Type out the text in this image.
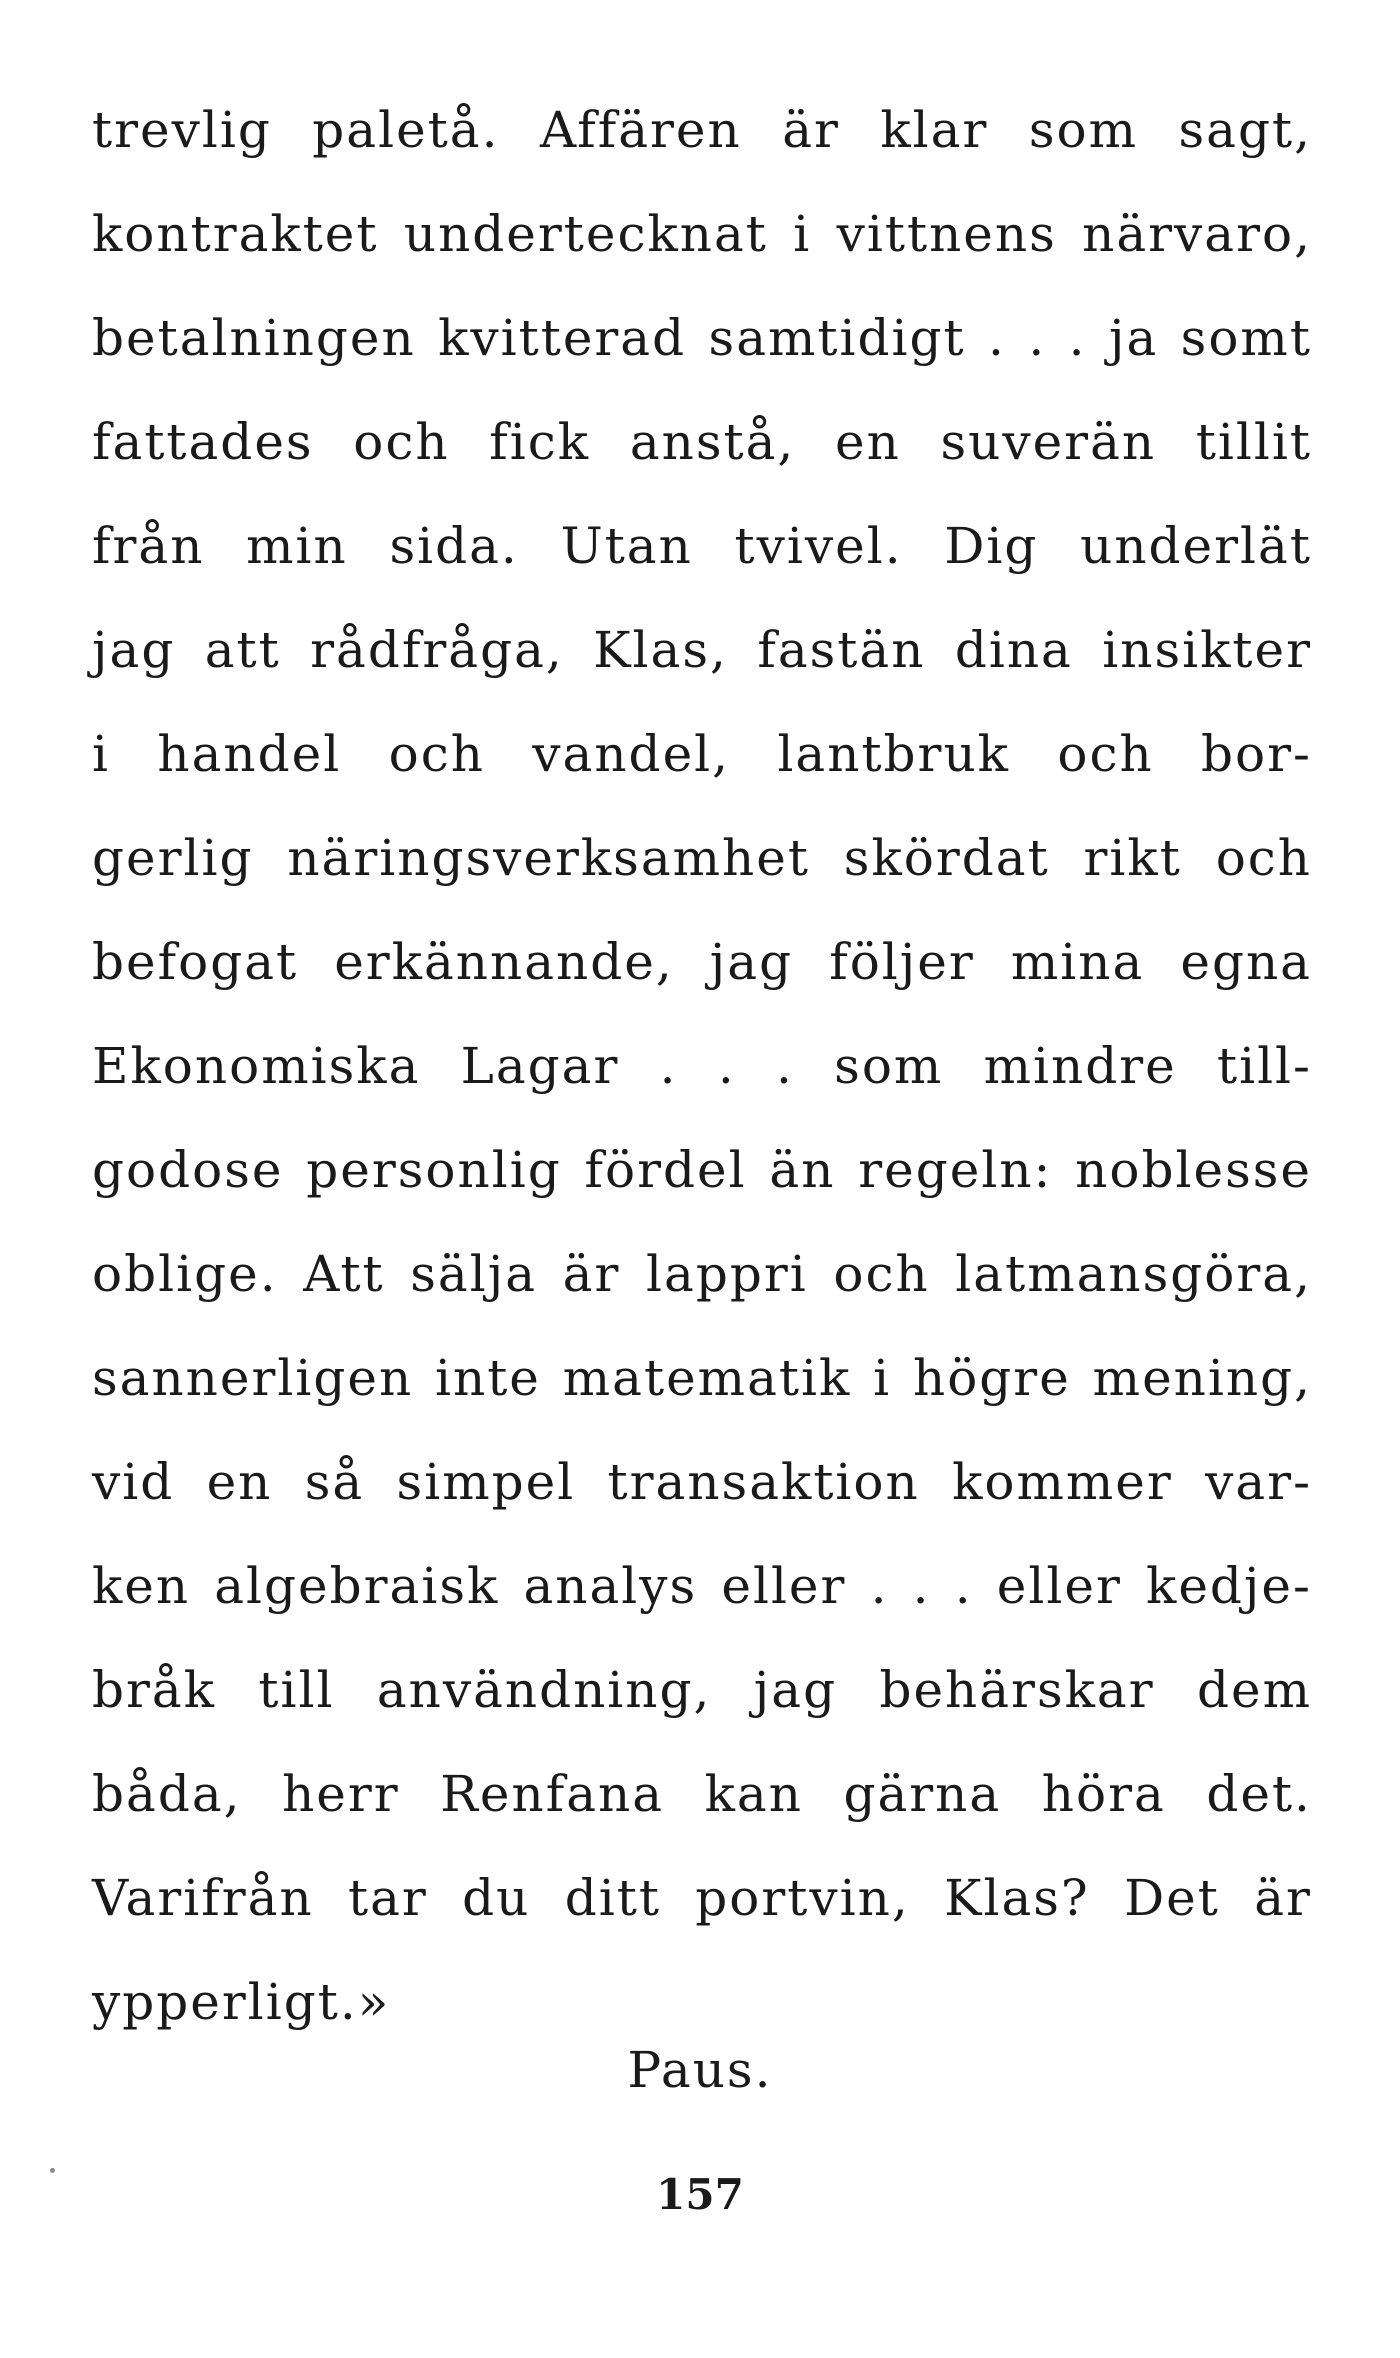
trevlig paletå. Affären är klar som sagt,
kontraktet undertecknat i vittnens närvaro,
betalningen kvitterad samtidigt . . . ja somt
fattades och fick anstå, en suverän tillit
från min sida. Utan tvivel. Dig underlät
jag att rådfråga, Klas, fastän dina insikter
i handel och vandel, lantbruk och bor-
gerlig näringsverksamhet skördat rikt och
befogat erkännande, jag följer mina egna
Ekonomiska Lagar . . . som mindre till-
godose personlig fördel än regeln: noblesse
oblige. Att sälja är lappri och latmansgöra,
sannerligen inte matematik i högre mening,
vid en så simpel transaktion kommer var-
ken algebraisk analys eller . . . eller kedje-
bråk till användning, jag behärskar dem
båda, herr Renfana kan gärna höra det.
Varifrån tar du ditt portvin, Klas? Det är
ypperligt.»
Paus.
157
